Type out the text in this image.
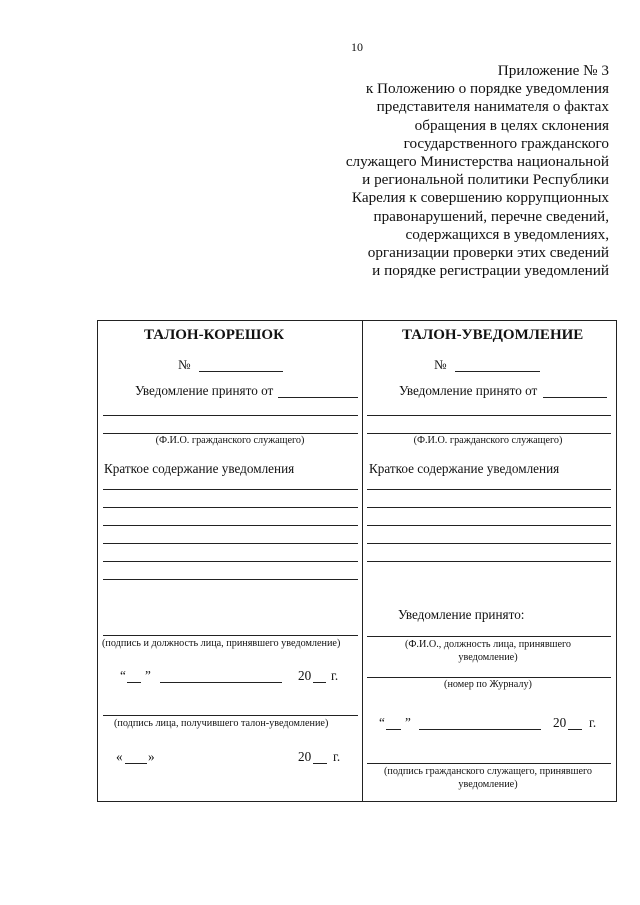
10
Приложение № 3
к Положению о порядке уведомления
представителя нанимателя о фактах
обращения в целях склонения
государственного гражданского
служащего Министерства национальной
и региональной политики Республики
Карелия к совершению коррупционных
правонарушений, перечне сведений,
содержащихся в уведомлениях,
организации проверки этих сведений
и порядке регистрации уведомлений
ТАЛОН-КОРЕШОК
№
Уведомление принято от
(Ф.И.О. гражданского служащего)
Краткое содержание уведомления
(подпись и должность лица, принявшего уведомление)
“ ”	20 г.
(подпись лица, получившего талон-уведомление)
« »	20 г.
ТАЛОН-УВЕДОМЛЕНИЕ
№
Уведомление принято от
(Ф.И.О. гражданского служащего)
Краткое содержание уведомления
Уведомление принято:
(Ф.И.О., должность лица, принявшего
уведомление)
(номер по Журналу)
“ ”	20 г.
(подпись гражданского служащего, принявшего
уведомление)
